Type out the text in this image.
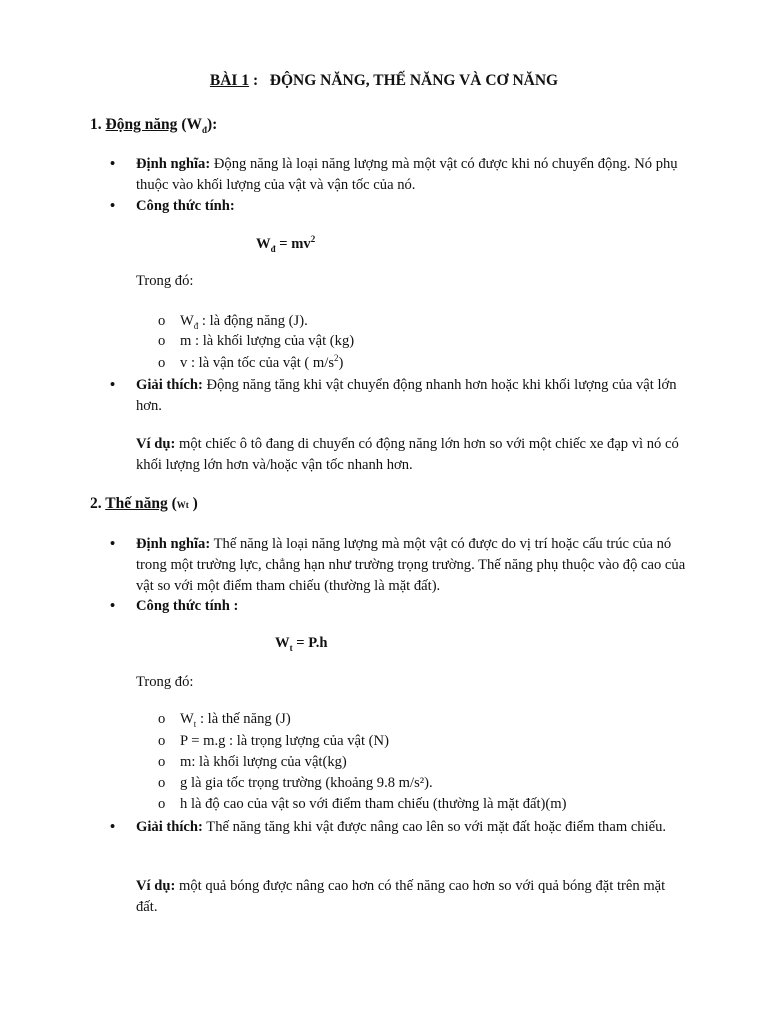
BÀI 1 : ĐỘNG NĂNG, THẾ NĂNG VÀ CƠ NĂNG
1. Động năng $(W_đ)$:
• Định nghĩa: Động năng là loại năng lượng mà một vật có được khi nó chuyển động. Nó phụ thuộc vào khối lượng của vật và vận tốc của nó.
• Công thức tính:
$W_đ = mv^2$
Trong đó:
o $W_đ$ : là động năng (J).
o m : là khối lượng của vật (kg)
o v : là vận tốc của vật ( $m/s^2$)
• Giải thích: Động năng tăng khi vật chuyển động nhanh hơn hoặc khi khối lượng của vật lớn hơn.
Ví dụ: một chiếc ô tô đang di chuyển có động năng lớn hơn so với một chiếc xe đạp vì nó có khối lượng lớn hơn và/hoặc vận tốc nhanh hơn.
2. Thế năng (Wt )
• Định nghĩa: Thế năng là loại năng lượng mà một vật có được do vị trí hoặc cấu trúc của nó trong một trường lực, chẳng hạn như trường trọng trường. Thế năng phụ thuộc vào độ cao của vật so với một điểm tham chiếu (thường là mặt đất).
• Công thức tính :
$W_t = P.h$
Trong đó:
o $W_t$ : là thế năng (J)
o P = m.g : là trọng lượng của vật (N)
o m: là khối lượng của vật(kg)
o g là gia tốc trọng trường (khoảng 9.8 m/s²).
o h là độ cao của vật so với điểm tham chiếu (thường là mặt đất)(m)
• Giải thích: Thế năng tăng khi vật được nâng cao lên so với mặt đất hoặc điểm tham chiếu.
Ví dụ: một quả bóng được nâng cao hơn có thế năng cao hơn so với quả bóng đặt trên mặt đất.
